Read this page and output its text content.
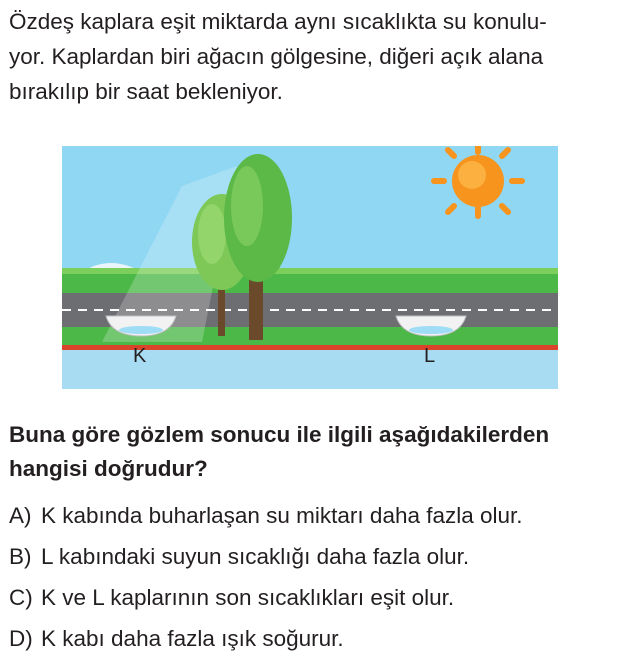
Özdeş kaplara eşit miktarda aynı sıcaklıkta su konulu-
yor. Kaplardan biri ağacın gölgesine, diğeri açık alana
bırakılıp bir saat bekleniyor.
K	L
Buna göre gözlem sonucu ile ilgili aşağıdakilerden
hangisi doğrudur?
A) K kabında buharlaşan su miktarı daha fazla olur.
B) L kabındaki suyun sıcaklığı daha fazla olur.
C) K ve L kaplarının son sıcaklıkları eşit olur.
D) K kabı daha fazla ışık soğurur.
